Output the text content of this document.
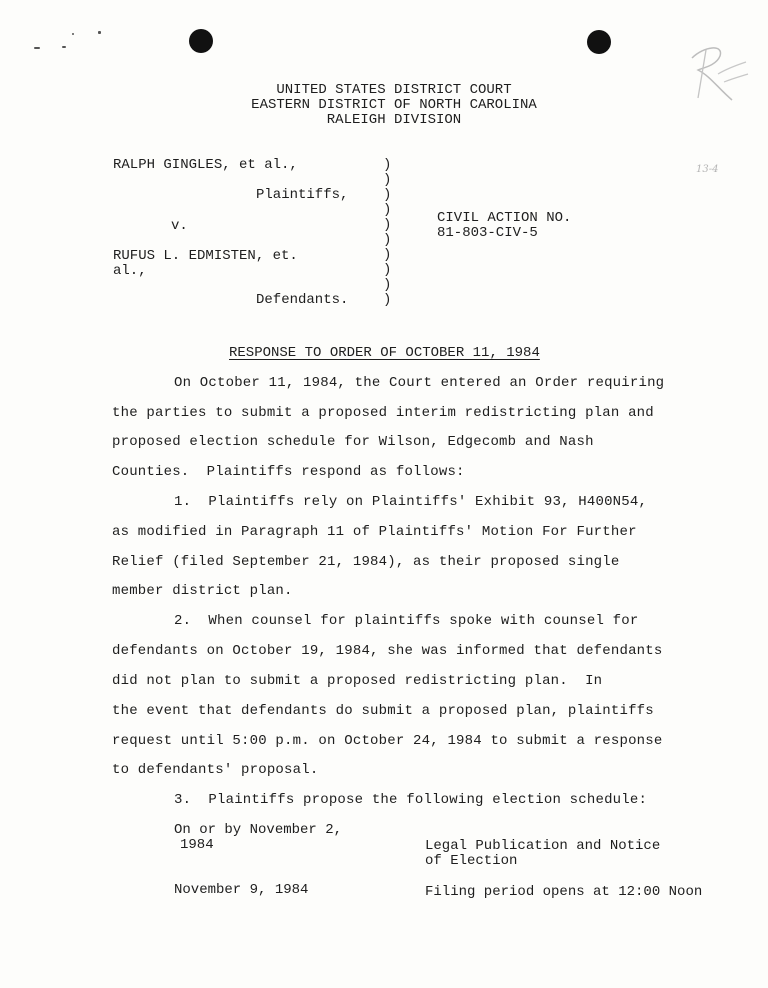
13-4
UNITED STATES DISTRICT COURT
EASTERN DISTRICT OF NORTH CAROLINA
RALEIGH DIVISION
RALPH GINGLES, et al.,
Plaintiffs,
v.
RUFUS L. EDMISTEN, et.
al.,
Defendants.
)
)
)
)
)
)
)
)
)
)
CIVIL ACTION NO.
81-803-CIV-5
RESPONSE TO ORDER OF OCTOBER 11, 1984
On October 11, 1984, the Court entered an Order requiring
the parties to submit a proposed interim redistricting plan and
proposed election schedule for Wilson, Edgecomb and Nash
Counties.  Plaintiffs respond as follows:
1.  Plaintiffs rely on Plaintiffs' Exhibit 93, H400N54,
as modified in Paragraph 11 of Plaintiffs' Motion For Further
Relief (filed September 21, 1984), as their proposed single
member district plan.
2.  When counsel for plaintiffs spoke with counsel for
defendants on October 19, 1984, she was informed that defendants
did not plan to submit a proposed redistricting plan.  In
the event that defendants do submit a proposed plan, plaintiffs
request until 5:00 p.m. on October 24, 1984 to submit a response
to defendants' proposal.
3.  Plaintiffs propose the following election schedule:
On or by November 2,
1984	Legal Publication and Notice
of Election
November 9, 1984	Filing period opens at 12:00 Noon
